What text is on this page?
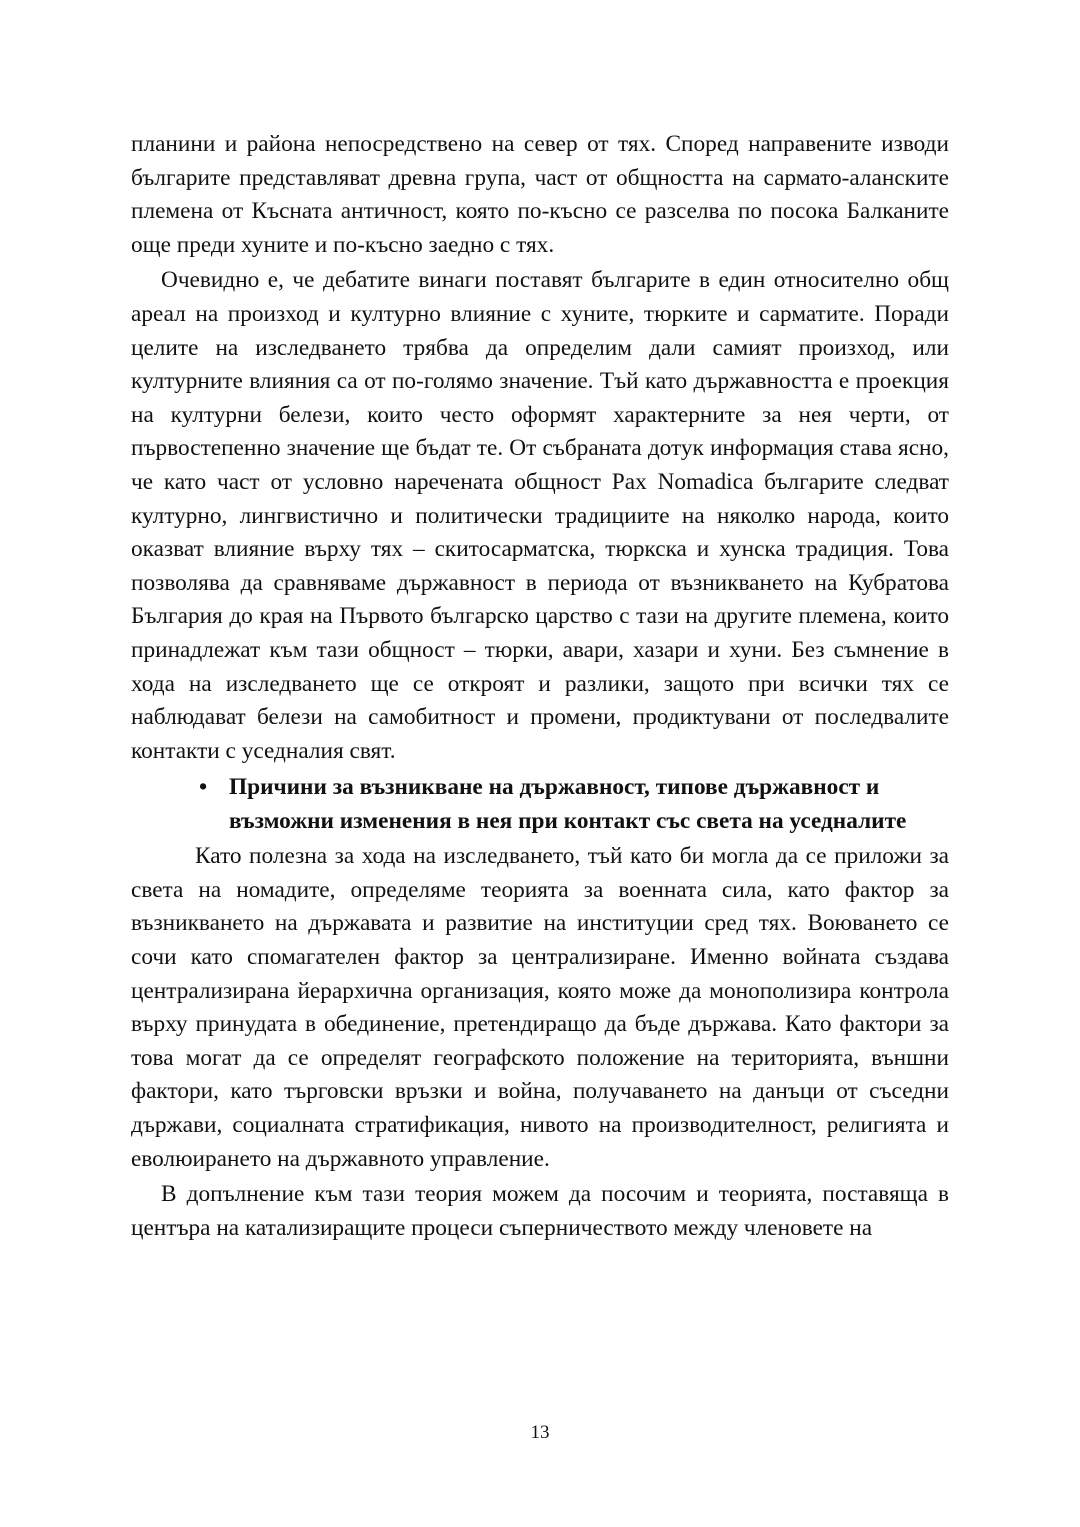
планини и района непосредствено на север от тях. Според направените изводи българите представляват древна група, част от общността на сармато-аланските племена от Късната античност, която по-късно се разселва по посока Балканите още преди хуните и по-късно заедно с тях.

Очевидно е, че дебатите винаги поставят българите в един относително общ ареал на произход и културно влияние с хуните, тюрките и сарматите. Поради целите на изследването трябва да определим дали самият произход, или културните влияния са от по-голямо значение. Тъй като държавността е проекция на културни белези, които често оформят характерните за нея черти, от първостепенно значение ще бъдат те. От събраната дотук информация става ясно, че като част от условно наречената общност Pax Nomadica българите следват културно, лингвистично и политически традициите на няколко народа, които оказват влияние върху тях – скитосарматска, тюркска и хунска традиция. Това позволява да сравняваме държавност в периода от възникването на Кубратова България до края на Първото българско царство с тази на другите племена, които принадлежат към тази общност – тюрки, авари, хазари и хуни. Без съмнение в хода на изследването ще се откроят и разлики, защото при всички тях се наблюдават белези на самобитност и промени, продиктувани от последвалите контакти с уседналия свят.

• Причини за възникване на държавност, типове държавност и възможни изменения в нея при контакт със света на уседналите

Като полезна за хода на изследването, тъй като би могла да се приложи за света на номадите, определяме теорията за военната сила, като фактор за възникването на държавата и развитие на институции сред тях. Воюването се сочи като спомагателен фактор за централизиране. Именно войната създава централизирана йерархична организация, която може да монополизира контрола върху принудата в обединение, претендиращо да бъде държава. Като фактори за това могат да се определят географското положение на територията, външни фактори, като търговски връзки и война, получаването на данъци от съседни държави, социалната стратификация, нивото на производителност, религията и еволюирането на държавното управление.

В допълнение към тази теория можем да посочим и теорията, поставяща в центъра на катализиращите процеси съперничеството между членовете на

13
